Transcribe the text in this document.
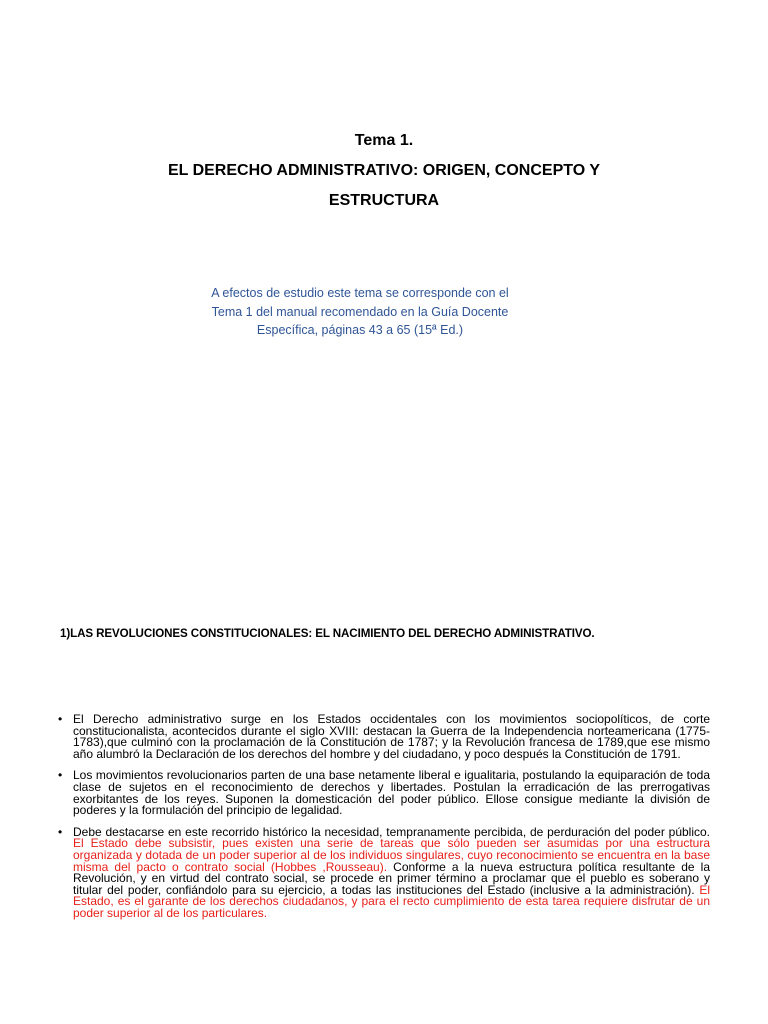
Tema 1.
EL DERECHO ADMINISTRATIVO: ORIGEN, CONCEPTO Y
ESTRUCTURA
A efectos de estudio este tema se corresponde con el
Tema 1 del manual recomendado en la Guía Docente
Específica, páginas 43 a 65 (15ª Ed.)
1)LAS REVOLUCIONES CONSTITUCIONALES: EL NACIMIENTO DEL DERECHO ADMINISTRATIVO.
• El Derecho administrativo surge en los Estados occidentales con los movimientos sociopolíticos, de corte constitucionalista, acontecidos durante el siglo XVIII: destacan la Guerra de la Independencia norteamericana (1775-1783),que culminó con la proclamación de la Constitución de 1787; y la Revolución francesa de 1789,que ese mismo año alumbró la Declaración de los derechos del hombre y del ciudadano, y poco después la Constitución de 1791.
• Los movimientos revolucionarios parten de una base netamente liberal e igualitaria, postulando la equiparación de toda clase de sujetos en el reconocimiento de derechos y libertades. Postulan la erradicación de las prerrogativas exorbitantes de los reyes. Suponen la domesticación del poder público. Ellose consigue mediante la división de poderes y la formulación del principio de legalidad.
• Debe destacarse en este recorrido histórico la necesidad, tempranamente percibida, de perduración del poder público. El Estado debe subsistir, pues existen una serie de tareas que sólo pueden ser asumidas por una estructura organizada y dotada de un poder superior al de los individuos singulares, cuyo reconocimiento se encuentra en la base misma del pacto o contrato social (Hobbes ,Rousseau). Conforme a la nueva estructura política resultante de la Revolución, y en virtud del contrato social, se procede en primer término a proclamar que el pueblo es soberano y titular del poder, confiándolo para su ejercicio, a todas las instituciones del Estado (inclusive a la administración). El Estado, es el garante de los derechos ciudadanos, y para el recto cumplimiento de esta tarea requiere disfrutar de un poder superior al de los particulares.
